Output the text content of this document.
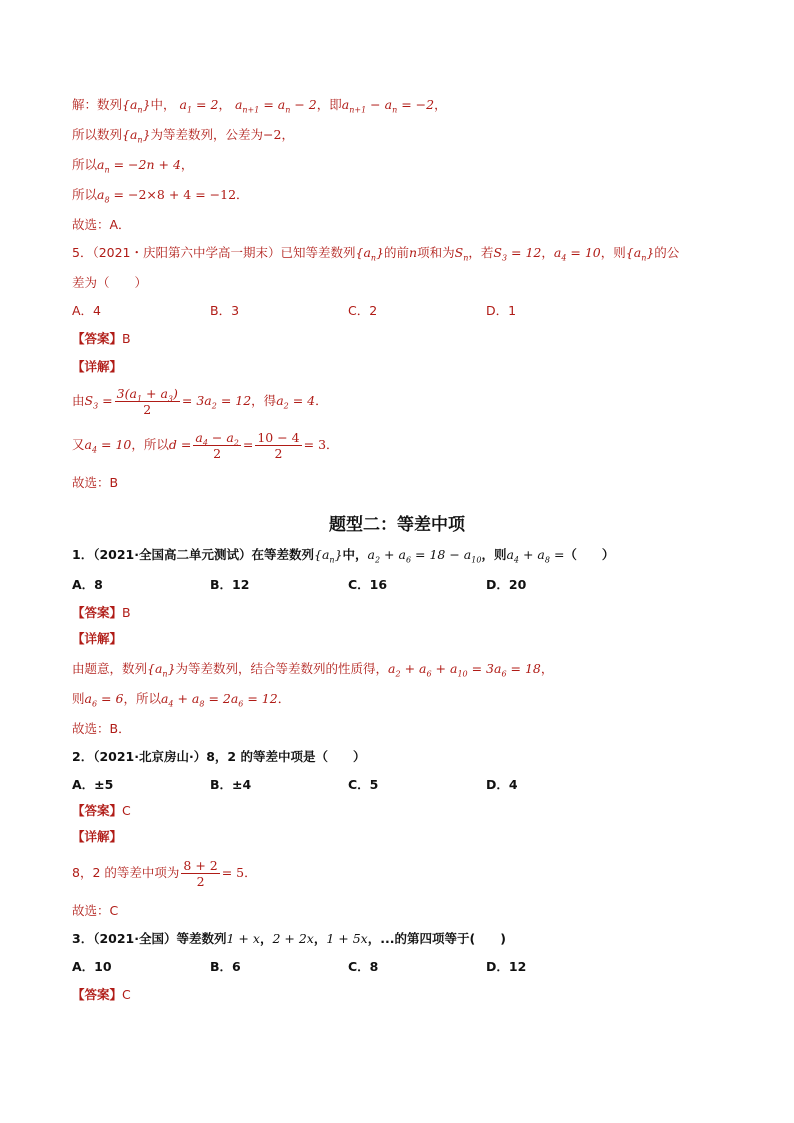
解：数列$\{a_n\}$中， $a_1 = 2$， $a_{n+1} = a_n - 2$，即$a_{n+1} - a_n = -2$，
所以数列$\{a_n\}$为等差数列，公差为−2，
所以$a_n = -2n + 4$，
所以$a_8 = -2\times 8 + 4 = -12$．
故选：A．
5．（2021・庆阳第六中学高一期末）已知等差数列$\{a_n\}$的前n项和为$S_n$，若$S_3 = 12$，$a_4 = 10$，则$\{a_n\}$的公
差为（　　）
A．4	B．3	C．2	D．1
【答案】B
【详解】
由$S_3 = \frac{3(a_1 + a_3)}{2} = 3a_2 = 12$，得$a_2 = 4$．
又$a_4 = 10$，所以$d = \frac{a_4 - a_2}{2} = \frac{10 - 4}{2} = 3$．
故选：B
题型二：等差中项
1．（2021·全国高二单元测试）在等差数列$\{a_n\}$中，$a_2 + a_6 = 18 - a_{10}$，则$a_4 + a_8$ =（　　）
A．8	B．12	C．16	D．20
【答案】B
【详解】
由题意，数列$\{a_n\}$为等差数列，结合等差数列的性质得，$a_2 + a_6 + a_{10} = 3a_6 = 18$，
则$a_6 = 6$，所以$a_4 + a_8 = 2a_6 = 12$．
故选：B．
2．（2021·北京房山·）8，2 的等差中项是（　　）
A．±5	B．±4	C．5	D．4
【答案】C
【详解】
8，2 的等差中项为 $\frac{8 + 2}{2} = 5$．
故选：C
3．（2021·全国）等差数列1 + x，2 + 2x，1 + 5x，...的第四项等于(　　)
A．10	B．6	C．8	D．12
【答案】C
